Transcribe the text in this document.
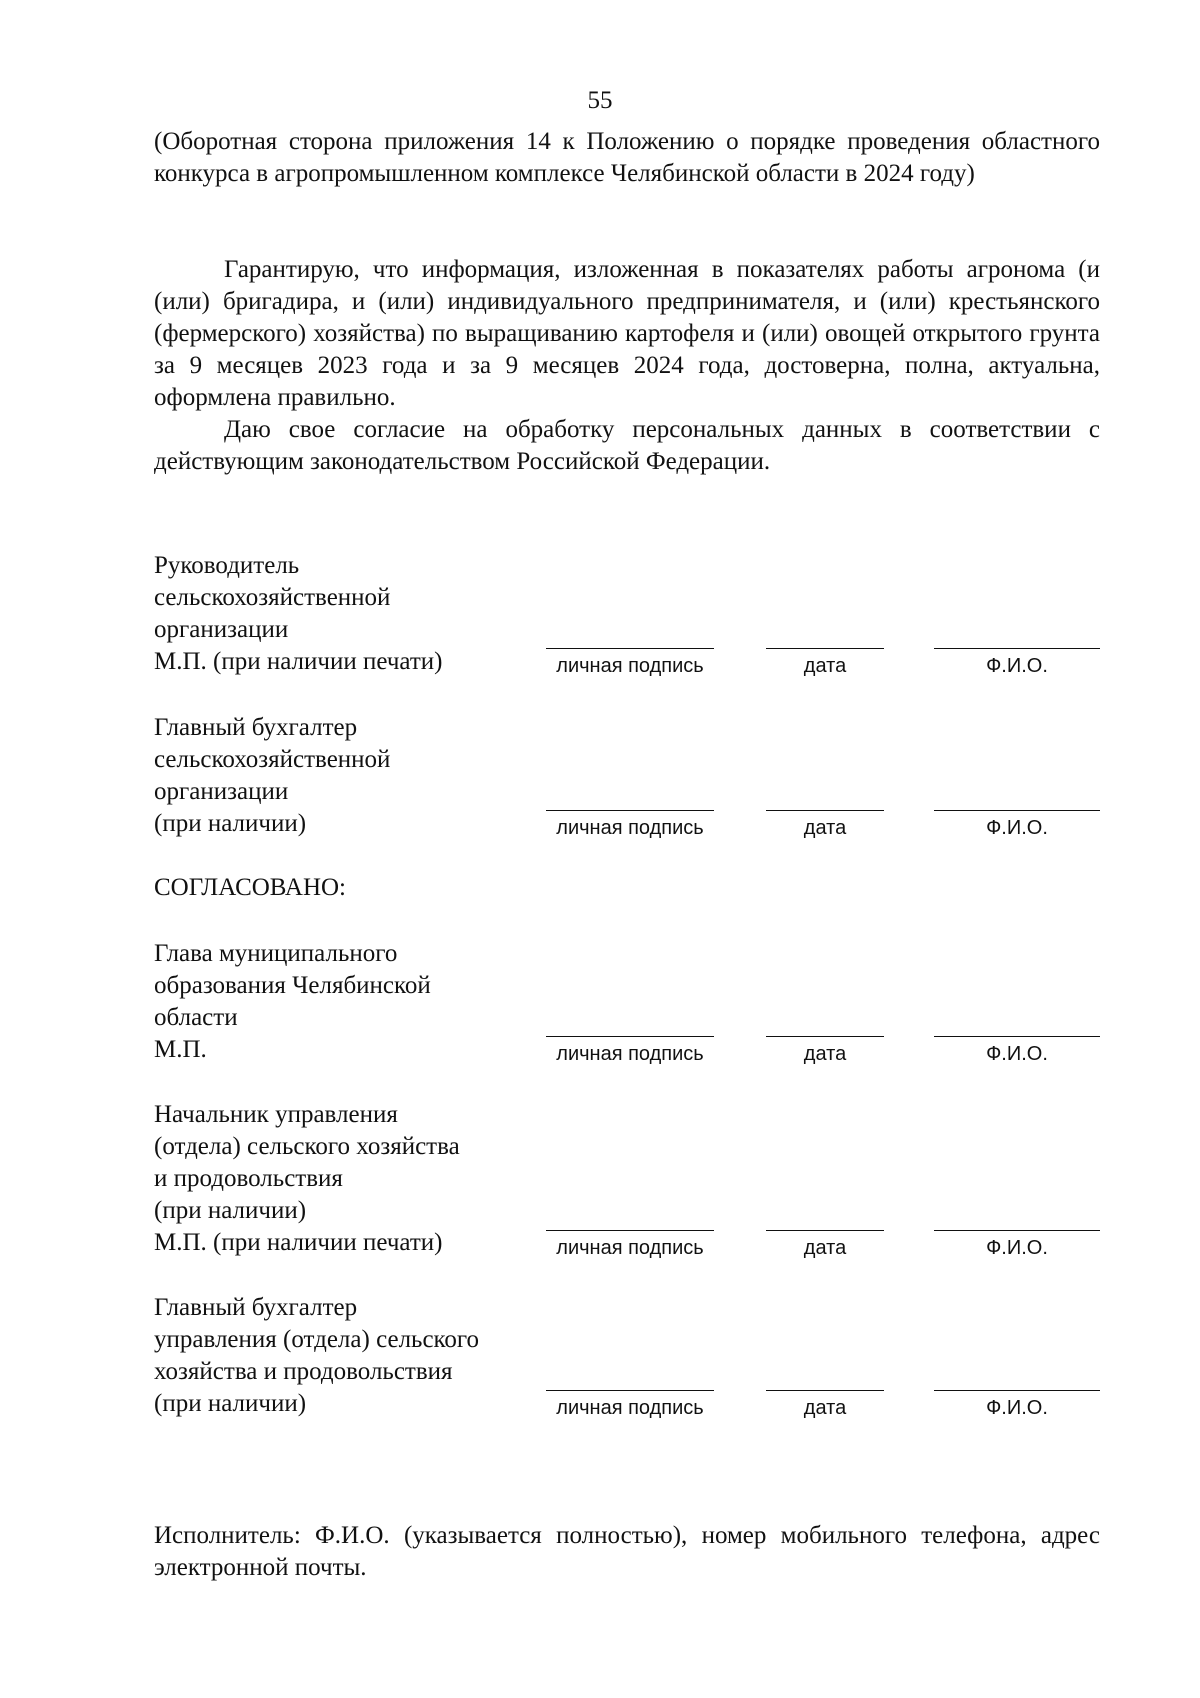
55
(Оборотная сторона приложения 14 к Положению о порядке проведения областного конкурса в агропромышленном комплексе Челябинской области в 2024 году)

Гарантирую, что информация, изложенная в показателях работы агронома (и (или) бригадира, и (или) индивидуального предпринимателя, и (или) крестьянского (фермерского) хозяйства) по выращиванию картофеля и (или) овощей открытого грунта за 9 месяцев 2023 года и за 9 месяцев 2024 года, достоверна, полна, актуальна, оформлена правильно.

Даю свое согласие на обработку персональных данных в соответствии с действующим законодательством Российской Федерации.

Руководитель
сельскохозяйственной
организации
М.П. (при наличии печати)	личная подпись	дата	Ф.И.О.
Главный бухгалтер
сельскохозяйственной
организации
(при наличии)	личная подпись	дата	Ф.И.О.
СОГЛАСОВАНО:
Глава муниципального
образования Челябинской
области
М.П.	личная подпись	дата	Ф.И.О.
Начальник управления
(отдела) сельского хозяйства
и продовольствия
(при наличии)
М.П. (при наличии печати)	личная подпись	дата	Ф.И.О.
Главный бухгалтер
управления (отдела) сельского
хозяйства и продовольствия
(при наличии)	личная подпись	дата	Ф.И.О.
Исполнитель: Ф.И.О. (указывается полностью), номер мобильного телефона, адрес электронной почты.
